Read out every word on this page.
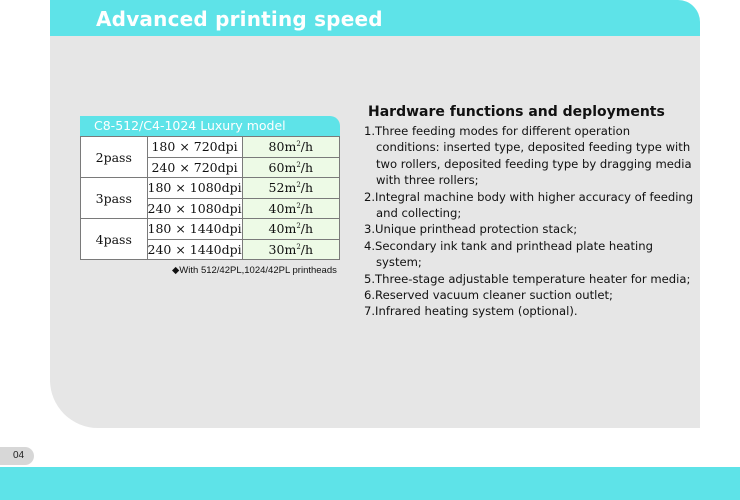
Advanced printing speed
C8-512/C4-1024 Luxury model
2pass	180 × 720dpi	$80m^2/h$
	240 × 720dpi	$60m^2/h$
3pass	180 × 1080dpi	$52m^2/h$
	240 × 1080dpi	$40m^2/h$
4pass	180 × 1440dpi	$40m^2/h$
	240 × 1440dpi	$30m^2/h$
◆With 512/42PL,1024/42PL printheads
Hardware functions and deployments
1.Three feeding modes for different operation conditions: inserted type, deposited feeding type with two rollers, deposited feeding type by dragging media with three rollers;
2.Integral machine body with higher accuracy of feeding and collecting;
3.Unique printhead protection stack;
4.Secondary ink tank and printhead plate heating system;
5.Three-stage adjustable temperature heater for media;
6.Reserved vacuum cleaner suction outlet;
7.Infrared heating system (optional).
04
